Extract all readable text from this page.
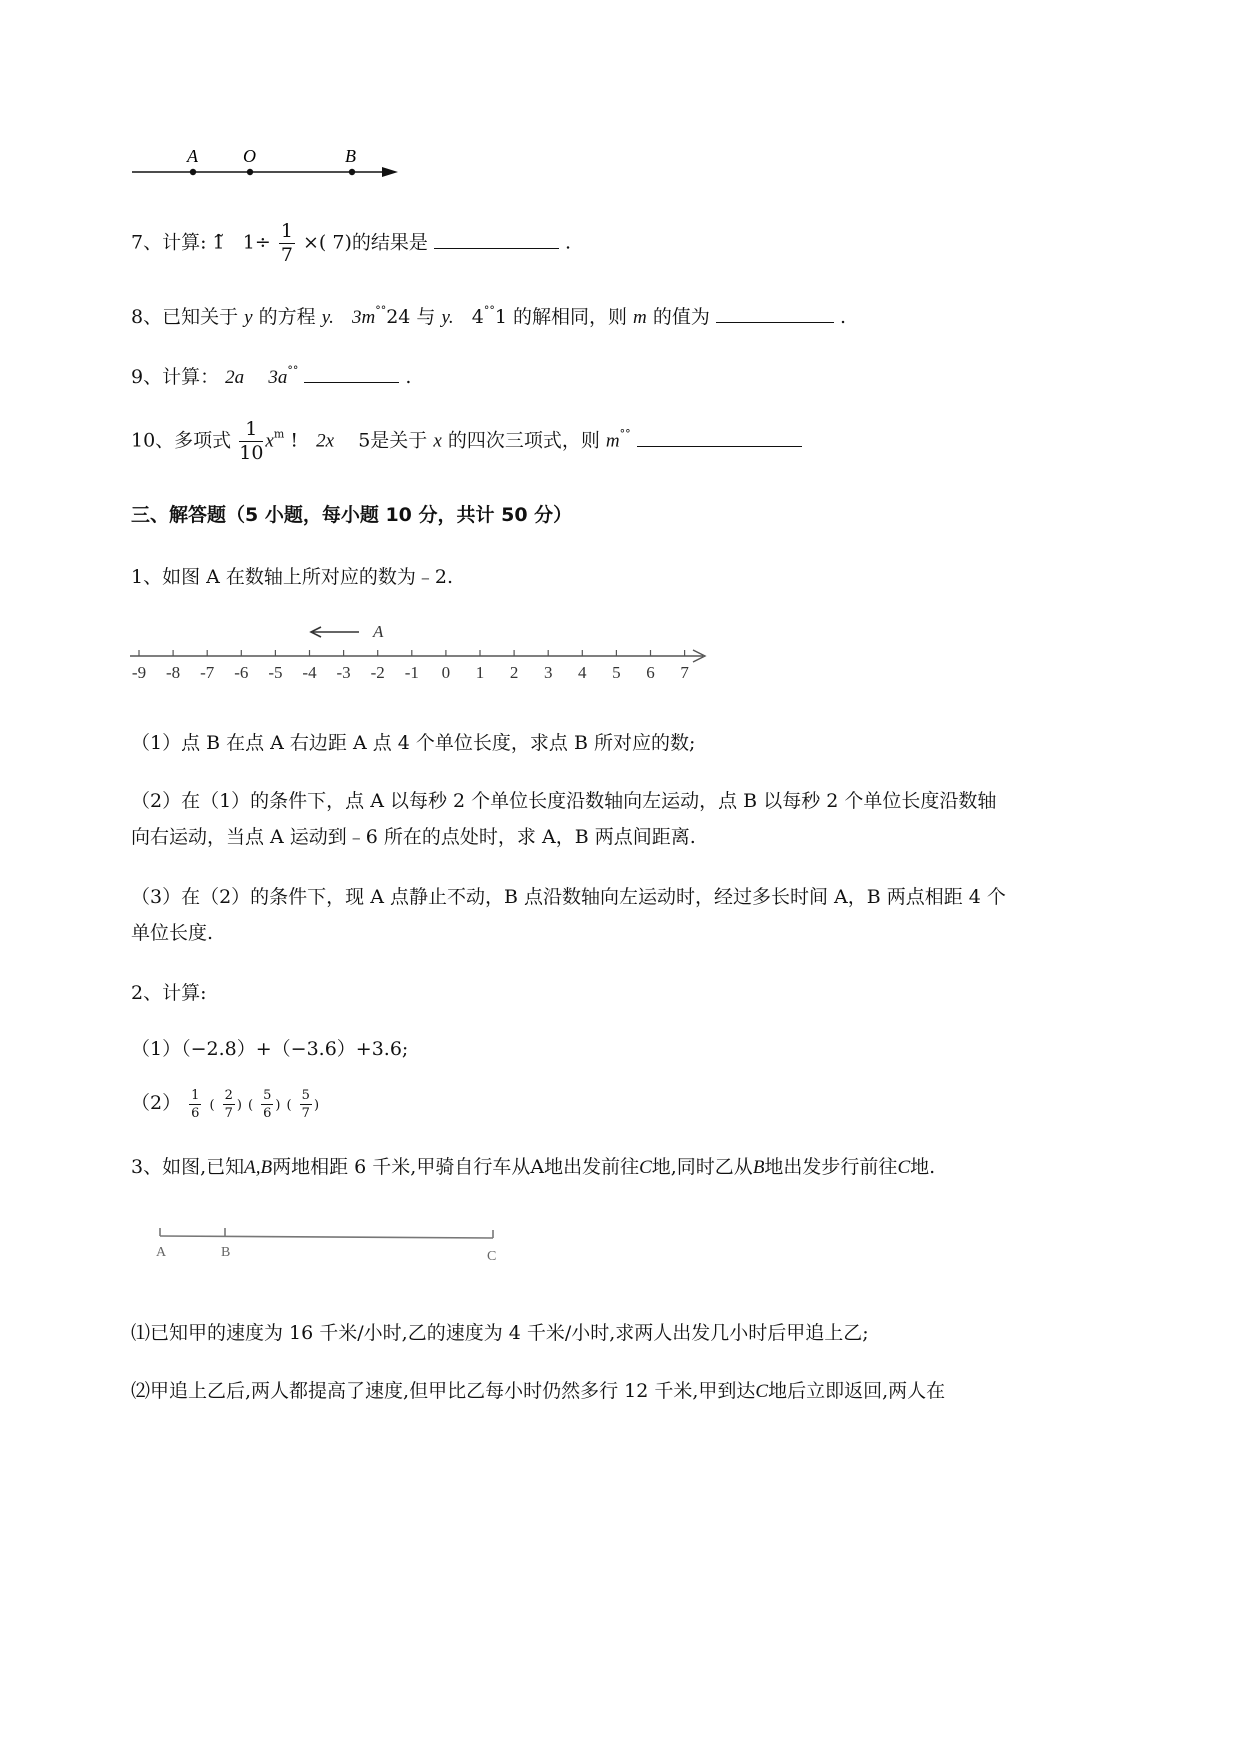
A	O	B
7、计算: 1̃ $1\div \frac{1}{7}$ ×( 7)的结果是	.
8、已知关于 y 的方程 y. 3m°°24 与 y. 4°°1 的解相同，则 m 的值为	.
9、计算： 2a 3a°°	.
10、多项式 $\frac{1}{10} x^m$ ! 2x 5是关于 x 的四次三项式，则 m°°
三、解答题（5 小题，每小题 10 分，共计 50 分）
1、如图 A 在数轴上所对应的数为﹣2.
-9 -8 -7 -6 -5 -4 -3 -2 -1 0 1 2 3 4 5 6 7
A
（1）点 B 在点 A 右边距 A 点 4 个单位长度，求点 B 所对应的数;
（2）在（1）的条件下，点 A 以每秒 2 个单位长度沿数轴向左运动，点 B 以每秒 2 个单位长度沿数轴
向右运动，当点 A 运动到﹣6 所在的点处时，求 A，B 两点间距离.
（3）在（2）的条件下，现 A 点静止不动，B 点沿数轴向左运动时，经过多长时间 A，B 两点相距 4 个
单位长度.
2、计算:
（1）（−2.8）+（−3.6）+3.6;
$(2) \frac{1}{6}$ ( $\frac{2}{7}$ ) ( $\frac{5}{6}$ ) ( $\frac{5}{7}$ )
3、如图,已知A,B两地相距 6 千米,甲骑自行车从A地出发前往C地,同时乙从B地出发步行前往C地.
A	B	C
⑴已知甲的速度为 16 千米/小时,乙的速度为 4 千米/小时,求两人出发几小时后甲追上乙;
⑵甲追上乙后,两人都提高了速度,但甲比乙每小时仍然多行 12 千米,甲到达C地后立即返回,两人在
